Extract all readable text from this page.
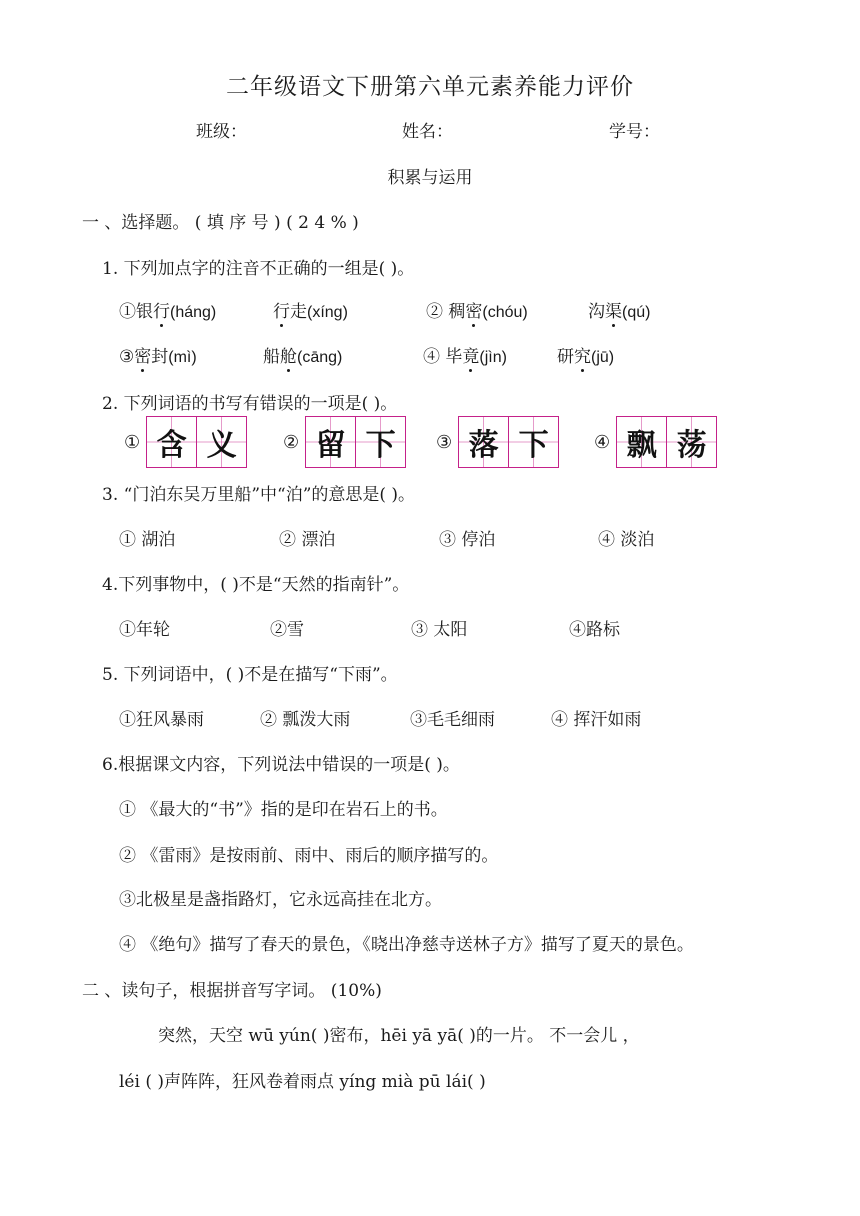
二年级语文下册第六单元素养能力评价
班级：	姓名：	学号：
积累与运用
一 、选择题。 ( 填 序 号 ) ( 2 4 % )
1. 下列加点字的注音不正确的一组是( )。
①银行(háng)	行走(xíng)	② 稠密(chóu)	沟渠(qú)
③密封(mì)	船舱(cāng)	④ 毕竟(jìn)	研究(jū)
2. 下列词语的书写有错误的一项是( )。
① 含 义	② 留 下	③ 落 下	④ 飘 荡
3. “门泊东吴万里船”中“泊”的意思是( )。
① 湖泊	② 漂泊	③ 停泊	④ 淡泊
4.下列事物中，( )不是“天然的指南针”。
①年轮	②雪	③ 太阳	④路标
5. 下列词语中，( )不是在描写“下雨”。
①狂风暴雨	② 瓢泼大雨	③毛毛细雨	④ 挥汗如雨
6.根据课文内容，下列说法中错误的一项是( )。
① 《最大的“书”》指的是印在岩石上的书。
② 《雷雨》是按雨前、雨中、雨后的顺序描写的。
③北极星是盏指路灯，它永远高挂在北方。
④ 《绝句》描写了春天的景色，《晓出净慈寺送林子方》描写了夏天的景色。
二 、读句子，根据拼音写字词。 (10%)
突然，天空 wū yún( )密布，hēi yā yā( )的一片。 不一会儿 ，
léi ( )声阵阵，狂风卷着雨点 yíng mià pū lái( )
